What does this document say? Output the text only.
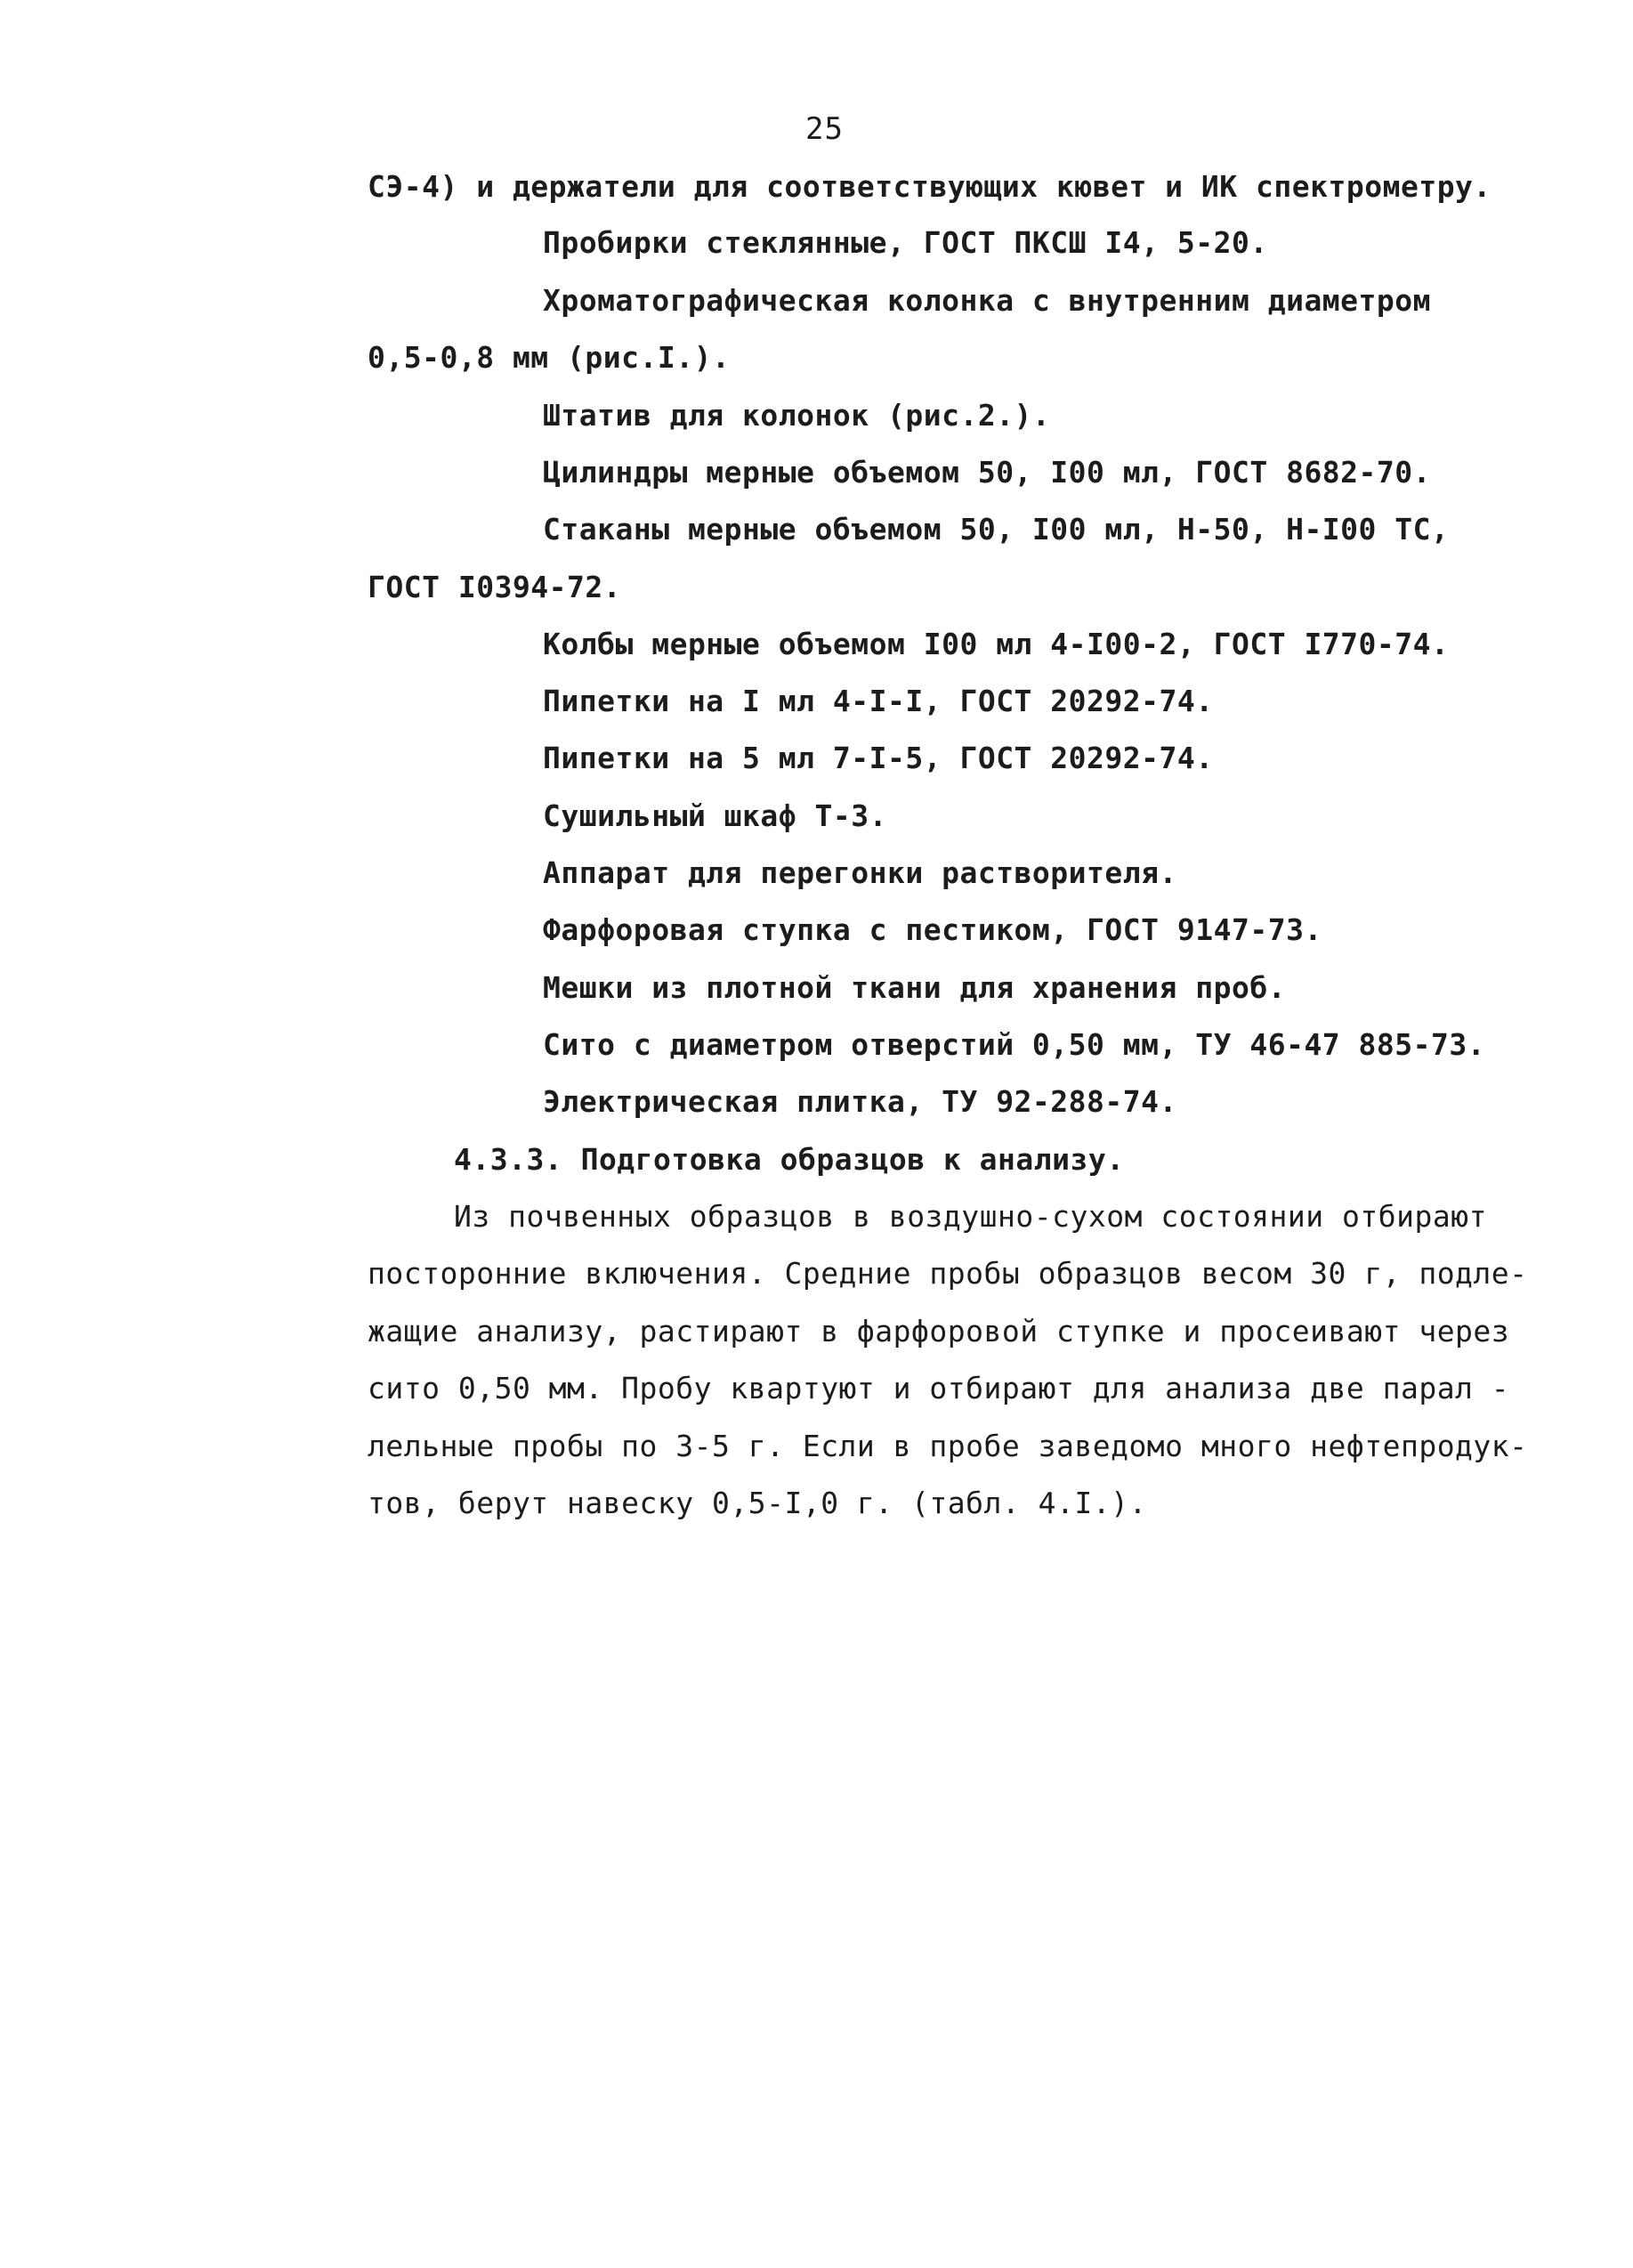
25
СЭ-4) и держатели для соответствующих кювет и ИК спектрометру.
Пробирки стеклянные, ГОСТ ПКСШ I4, 5-20.
Хроматографическая колонка с внутренним диаметром
0,5-0,8 мм (рис.I.).
Штатив для колонок (рис.2.).
Цилиндры мерные объемом 50, I00 мл, ГОСТ 8682-70.
Стаканы мерные объемом 50, I00 мл, Н-50, Н-I00 ТС,
ГОСТ I0394-72.
Колбы мерные объемом I00 мл 4-I00-2, ГОСТ I770-74.
Пипетки на I мл 4-I-I, ГОСТ 20292-74.
Пипетки на 5 мл 7-I-5, ГОСТ 20292-74.
Сушильный шкаф Т-3.
Аппарат для перегонки растворителя.
Фарфоровая ступка с пестиком, ГОСТ 9147-73.
Мешки из плотной ткани для хранения проб.
Сито с диаметром отверстий 0,50 мм, ТУ 46-47 885-73.
Электрическая плитка, ТУ 92-288-74.
4.3.3. Подготовка образцов к анализу.
Из почвенных образцов в воздушно-сухом состоянии отбирают
посторонние включения. Средние пробы образцов весом 30 г, подле-
жащие анализу, растирают в фарфоровой ступке и просеивают через
сито 0,50 мм. Пробу квартуют и отбирают для анализа две парал -
лельные пробы по 3-5 г. Если в пробе заведомо много нефтепродук-
тов, берут навеску 0,5-I,0 г. (табл. 4.I.).
